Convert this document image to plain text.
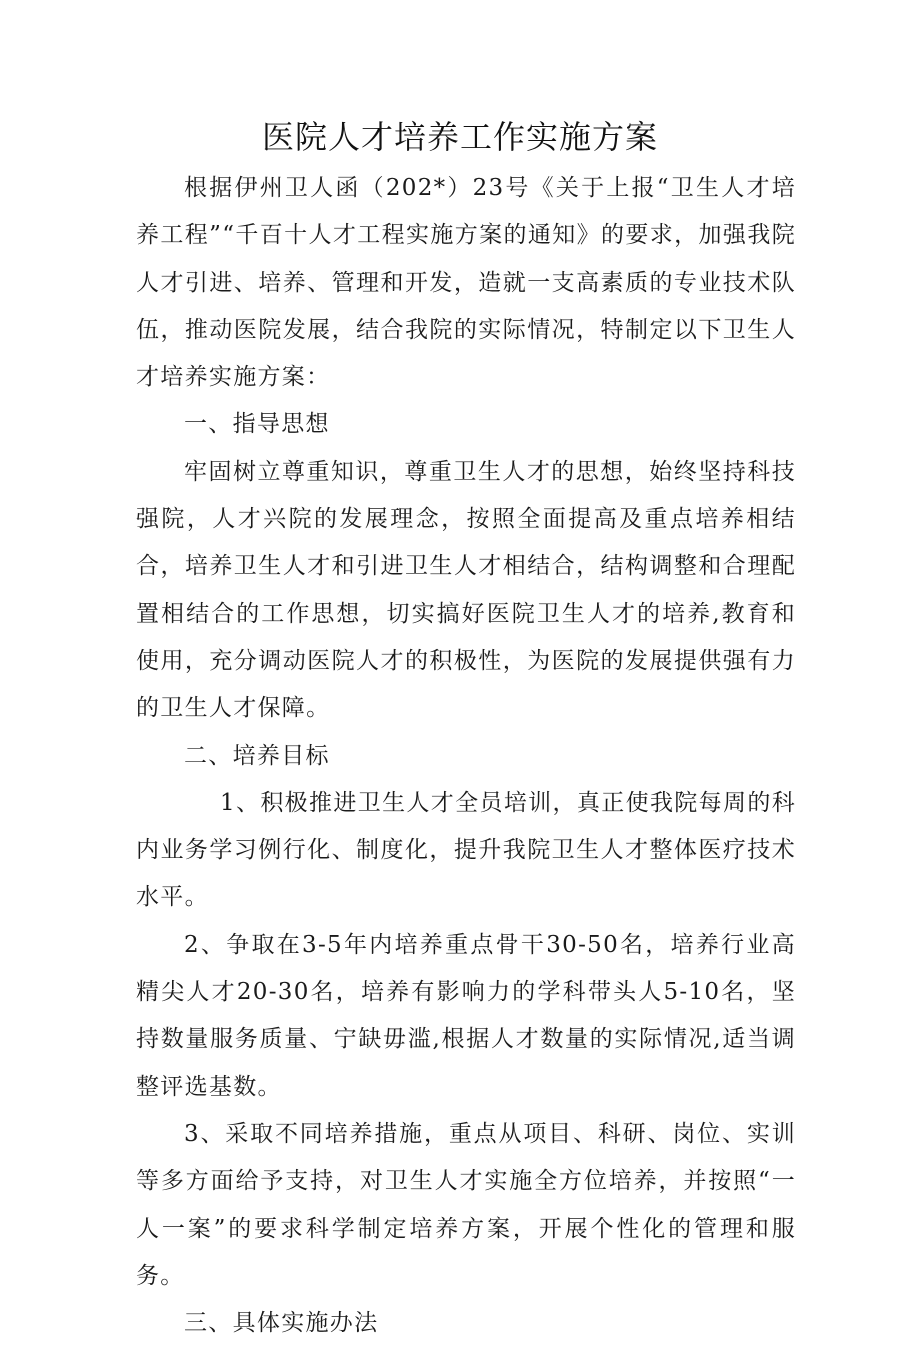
医院人才培养工作实施方案

根据伊州卫人函（202*）23号《关于上报“卫生人才培养工程”“千百十人才工程实施方案的通知》的要求，加强我院人才引进、培养、管理和开发，造就一支高素质的专业技术队伍，推动医院发展，结合我院的实际情况，特制定以下卫生人才培养实施方案：

一、指导思想

牢固树立尊重知识，尊重卫生人才的思想，始终坚持科技强院，人才兴院的发展理念，按照全面提高及重点培养相结合，培养卫生人才和引进卫生人才相结合，结构调整和合理配置相结合的工作思想，切实搞好医院卫生人才的培养,教育和使用，充分调动医院人才的积极性，为医院的发展提供强有力的卫生人才保障。

二、培养目标

1、积极推进卫生人才全员培训，真正使我院每周的科内业务学习例行化、制度化，提升我院卫生人才整体医疗技术水平。

2、争取在3-5年内培养重点骨干30-50名，培养行业高精尖人才20-30名，培养有影响力的学科带头人5-10名，坚持数量服务质量、宁缺毋滥,根据人才数量的实际情况,适当调整评选基数。

3、采取不同培养措施，重点从项目、科研、岗位、实训等多方面给予支持，对卫生人才实施全方位培养，并按照“一人一案”的要求科学制定培养方案，开展个性化的管理和服务。

三、具体实施办法
